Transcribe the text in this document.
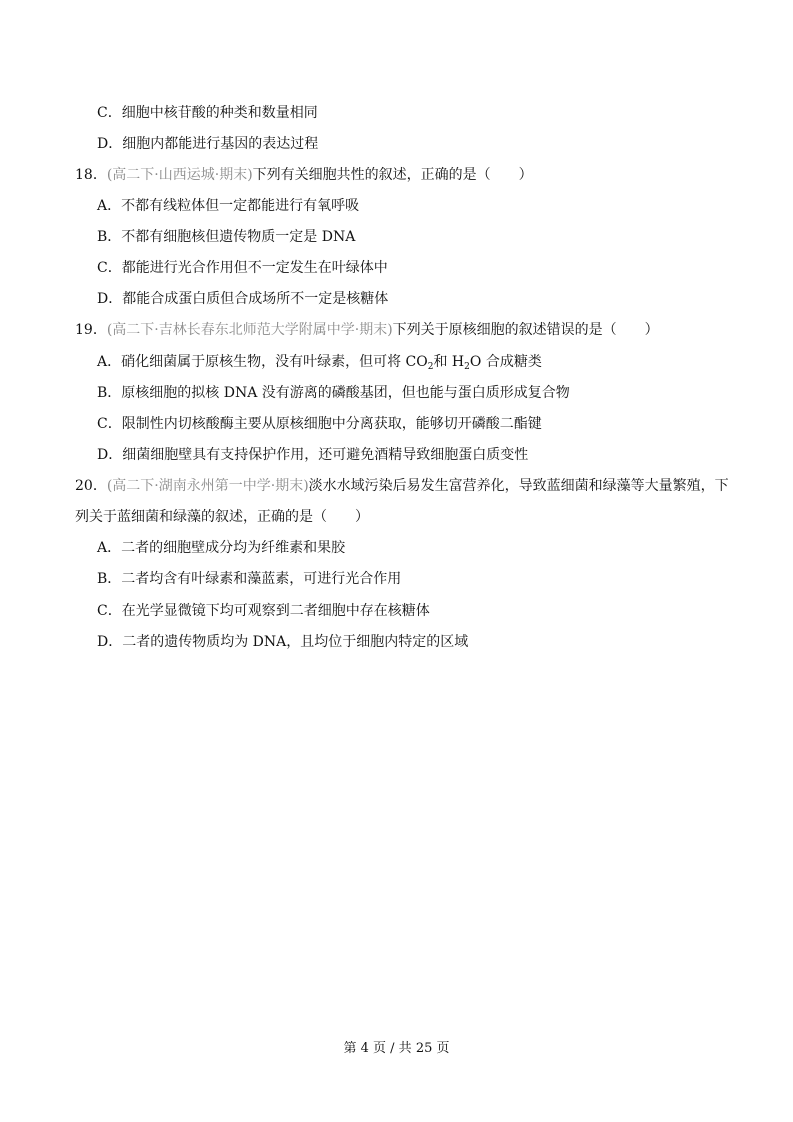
C．细胞中核苷酸的种类和数量相同
D．细胞内都能进行基因的表达过程
18．(高二下·山西运城·期末)下列有关细胞共性的叙述，正确的是（　　）
A．不都有线粒体但一定都能进行有氧呼吸
B．不都有细胞核但遗传物质一定是 DNA
C．都能进行光合作用但不一定发生在叶绿体中
D．都能合成蛋白质但合成场所不一定是核糖体
19．(高二下·吉林长春东北师范大学附属中学·期末)下列关于原核细胞的叙述错误的是（　　）
A．硝化细菌属于原核生物，没有叶绿素，但可将 $CO_2$和 $H_2O$ 合成糖类
B．原核细胞的拟核 DNA 没有游离的磷酸基团，但也能与蛋白质形成复合物
C．限制性内切核酸酶主要从原核细胞中分离获取，能够切开磷酸二酯键
D．细菌细胞壁具有支持保护作用，还可避免酒精导致细胞蛋白质变性
20．(高二下·湖南永州第一中学·期末)淡水水域污染后易发生富营养化，导致蓝细菌和绿藻等大量繁殖，下
列关于蓝细菌和绿藻的叙述，正确的是（　　）
A．二者的细胞壁成分均为纤维素和果胶
B．二者均含有叶绿素和藻蓝素，可进行光合作用
C．在光学显微镜下均可观察到二者细胞中存在核糖体
D．二者的遗传物质均为 DNA，且均位于细胞内特定的区域
第 4 页 / 共 25 页
